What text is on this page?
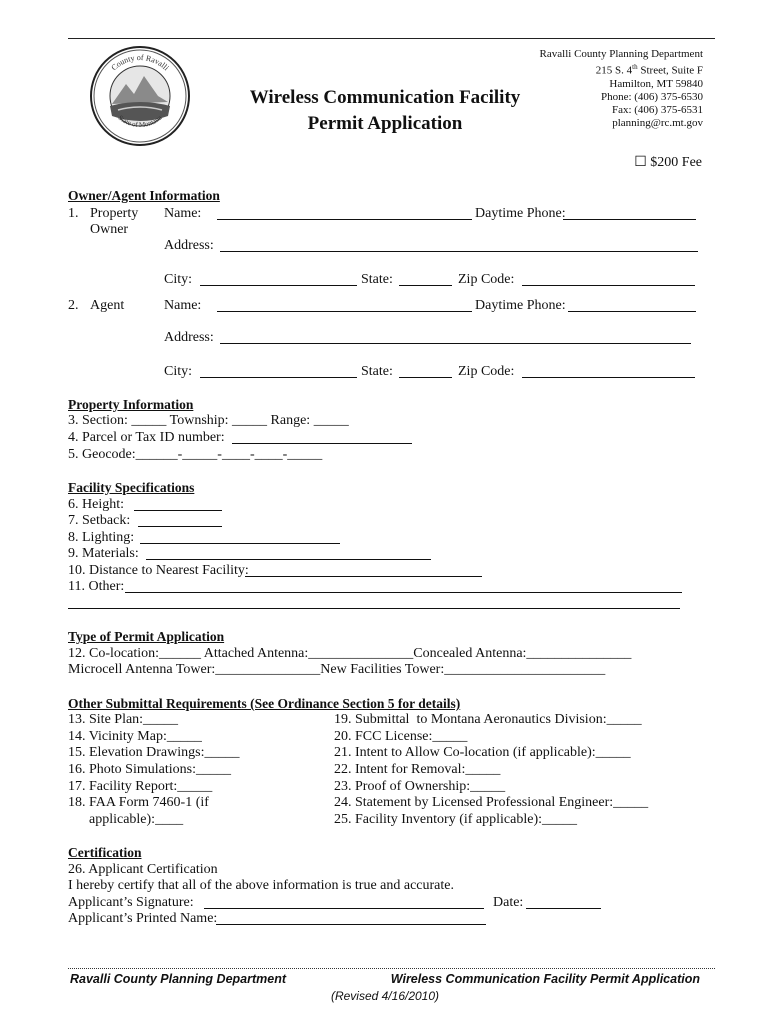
County of Ravalli
State of Montana
Wireless Communication Facility
Permit Application
Ravalli County Planning Department
215 S. 4th Street, Suite F
Hamilton, MT 59840
Phone: (406) 375-6530
Fax: (406) 375-6531
planning@rc.mt.gov
☐ $200 Fee
Owner/Agent Information
1. Property
Owner
Name:	Daytime Phone:
Address:
City:	State:	Zip Code:
2. Agent	Name:	Daytime Phone:
Address:
City:	State:	Zip Code:
Property Information
3. Section: _____ Township: _____ Range: _____
4. Parcel or Tax ID number:
5. Geocode:______-_____-____-____-_____
Facility Specifications
6. Height:
7. Setback:
8. Lighting:
9. Materials:
10. Distance to Nearest Facility:
11. Other:
Type of Permit Application
12. Co-location:______ Attached Antenna:_______________Concealed Antenna:_______________
Microcell Antenna Tower:_______________New Facilities Tower:_______________________
Other Submittal Requirements (See Ordinance Section 5 for details)
13. Site Plan:_____
14. Vicinity Map:_____
15. Elevation Drawings:_____
16. Photo Simulations:_____
17. Facility Report:_____
18. FAA Form 7460-1 (if
applicable):____
19. Submittal  to Montana Aeronautics Division:_____
20. FCC License:_____
21. Intent to Allow Co-location (if applicable):_____
22. Intent for Removal:_____
23. Proof of Ownership:_____
24. Statement by Licensed Professional Engineer:_____
25. Facility Inventory (if applicable):_____
Certification
26. Applicant Certification
I hereby certify that all of the above information is true and accurate.
Applicant’s Signature:	Date:
Applicant’s Printed Name:
Ravalli County Planning Department	Wireless Communication Facility Permit Application
(Revised 4/16/2010)
